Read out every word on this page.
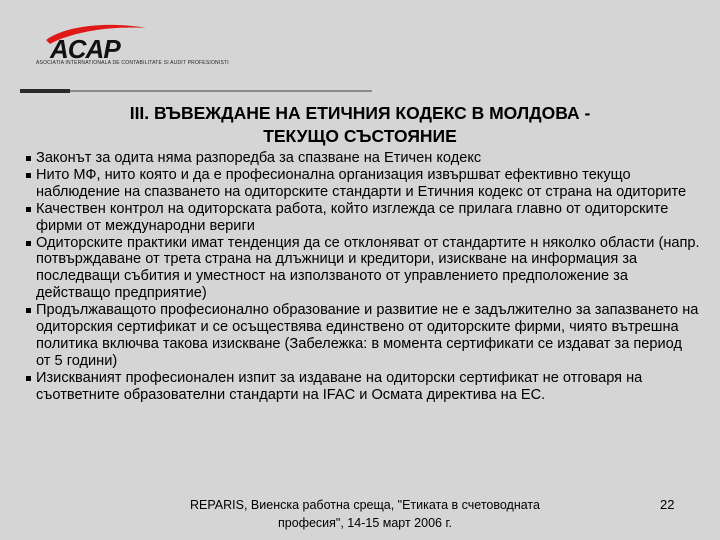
ACAP
ASOCIATIA INTERNATIONALA DE CONTABILITATE SI AUDIT PROFESIONISTI
III. ВЪВЕЖДАНЕ НА ЕТИЧНИЯ КОДЕКС В МОЛДОВА -
ТЕКУЩО СЪСТОЯНИЕ
Законът за одита няма разпоредба за спазване на Етичен кодекс
Нито МФ, нито която и да е професионална организация извършват ефективно текущо наблюдение на спазването на одиторските стандарти и Етичния кодекс от страна на одиторите
Качествен контрол на одиторската работа, който изглежда се прилага главно от одиторските фирми от международни вериги
Одиторските практики имат тенденция да се отклоняват от стандартите н няколко области (напр. потвърждаване от трета страна на длъжници и кредитори, изискване на информация за последващи събития и уместност на използваното от управлението предположение за действащо предприятие)
Продължаващото професионално образование и развитие не е задължително за запазването на одиторския сертификат и се осъществява единствено от одиторските фирми, чиято вътрешна политика включва такова изискване (Забележка: в момента сертификати се издават за период от 5 години)
Изискваният професионален изпит за издаване на одиторски сертификат не отговаря на съответните образователни стандарти на IFAC и Осмата директива на ЕС.
REPARIS, Виенска работна среща, "Етиката в счетоводната
професия", 14-15 март 2006 г.
22
